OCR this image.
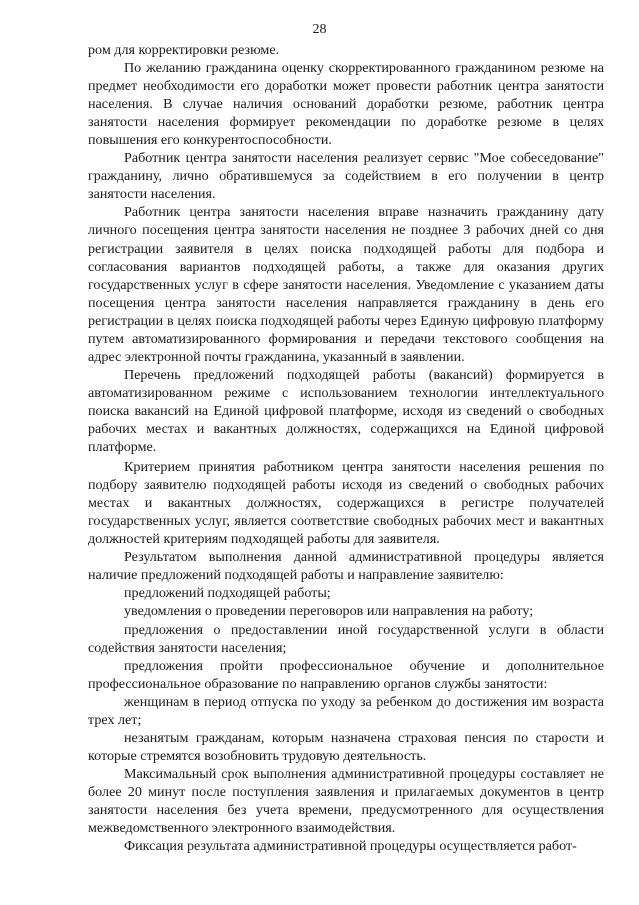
28

ром для корректировки резюме.

По желанию гражданина оценку скорректированного гражданином резюме на предмет необходимости его доработки может провести работник центра занятости населения. В случае наличия оснований доработки резюме, работник центра занятости населения формирует рекомендации по доработке резюме в целях повышения его конкурентоспособности.

Работник центра занятости населения реализует сервис "Мое собеседование" гражданину, лично обратившемуся за содействием в его получении в центр занятости населения.

Работник центра занятости населения вправе назначить гражданину дату личного посещения центра занятости населения не позднее 3 рабочих дней со дня регистрации заявителя в целях поиска подходящей работы для подбора и согласования вариантов подходящей работы, а также для оказания других государственных услуг в сфере занятости населения. Уведомление с указанием даты посещения центра занятости населения направляется гражданину в день его регистрации в целях поиска подходящей работы через Единую цифровую платформу путем автоматизированного формирования и передачи текстового сообщения на адрес электронной почты гражданина, указанный в заявлении.

Перечень предложений подходящей работы (вакансий) формируется в автоматизированном режиме с использованием технологии интеллектуального поиска вакансий на Единой цифровой платформе, исходя из сведений о свободных рабочих местах и вакантных должностях, содержащихся на Единой цифровой платформе.

Критерием принятия работником центра занятости населения решения по подбору заявителю подходящей работы исходя из сведений о свободных рабочих местах и вакантных должностях, содержащихся в регистре получателей государственных услуг, является соответствие свободных рабочих мест и вакантных должностей критериям подходящей работы для заявителя.

Результатом выполнения данной административной процедуры является наличие предложений подходящей работы и направление заявителю:

предложений подходящей работы;

уведомления о проведении переговоров или направления на работу;

предложения о предоставлении иной государственной услуги в области содействия занятости населения;

предложения пройти профессиональное обучение и дополнительное профессиональное образование по направлению органов службы занятости:

женщинам в период отпуска по уходу за ребенком до достижения им возраста трех лет;

незанятым гражданам, которым назначена страховая пенсия по старости и которые стремятся возобновить трудовую деятельность.

Максимальный срок выполнения административной процедуры составляет не более 20 минут после поступления заявления и прилагаемых документов в центр занятости населения без учета времени, предусмотренного для осуществления межведомственного электронного взаимодействия.

Фиксация результата административной процедуры осуществляется работ-
